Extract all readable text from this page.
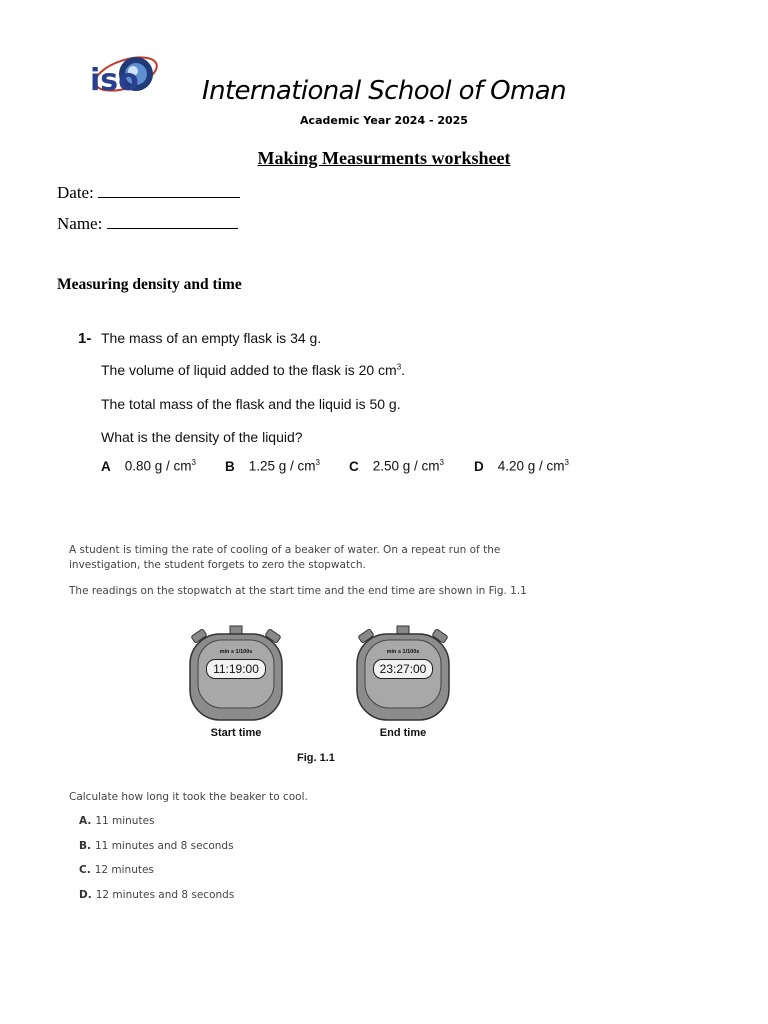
iso	International School of Oman
Academic Year 2024 - 2025
Making Measurments worksheet
Date:
Name:
Measuring density and time
1- The mass of an empty flask is 34 g.
The volume of liquid added to the flask is 20 $cm^3$.
The total mass of the flask and the liquid is 50 g.
What is the density of the liquid?
A 0.80 g / $cm^3$ B 1.25 g / $cm^3$ C 2.50 g / $cm^3$ D 4.20 g / $cm^3$
A student is timing the rate of cooling of a beaker of water. On a repeat run of the
investigation, the student forgets to zero the stopwatch.
The readings on the stopwatch at the start time and the end time are shown in Fig. 1.1
min s 1/100s
11:19:00
min s 1/100s
23:27:00
Start time	End time
Fig. 1.1
Calculate how long it took the beaker to cool.
A. 11 minutes
B. 11 minutes and 8 seconds
C. 12 minutes
D. 12 minutes and 8 seconds
